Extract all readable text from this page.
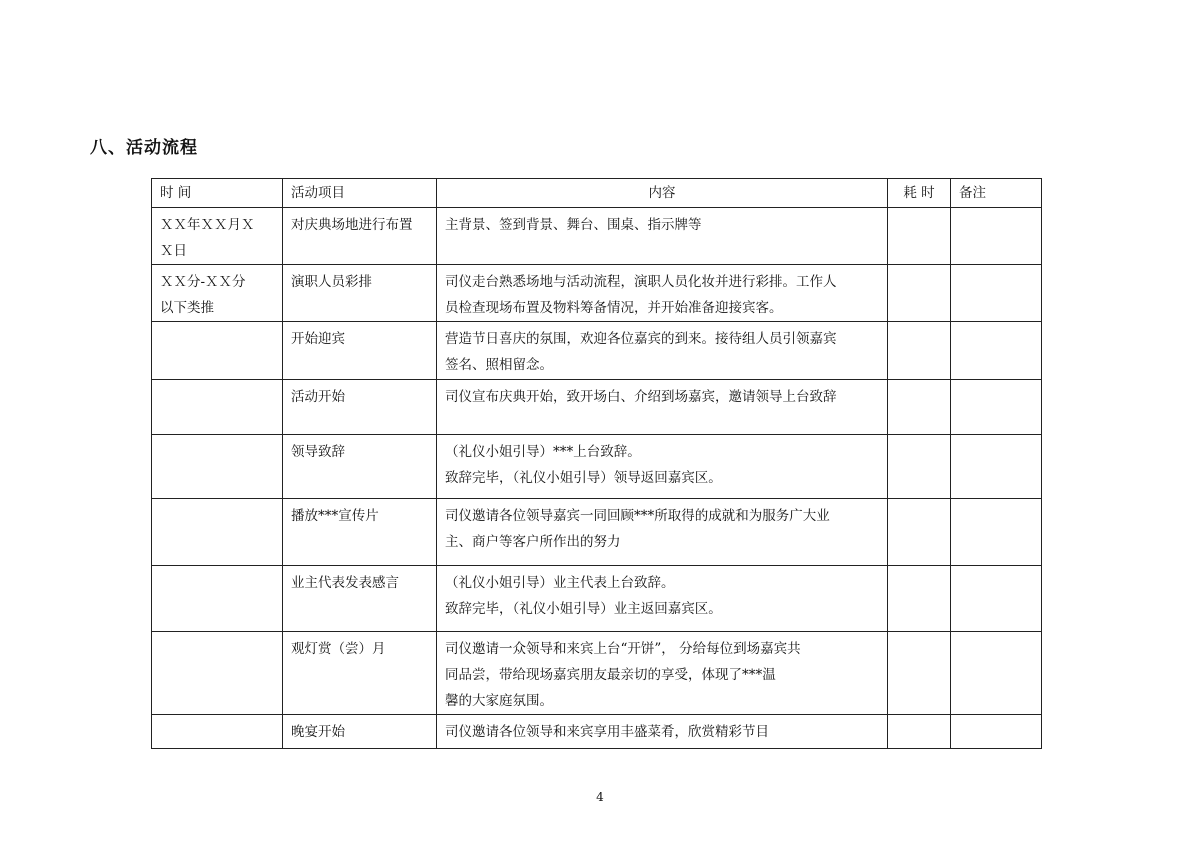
八、活动流程
时 间	活动项目	内容	耗 时	备注

ＸＸ年ＸＸ月Ｘ
Ｘ日	对庆典场地进行布置	主背景、签到背景、舞台、围桌、指示牌等		

ＸＸ分-ＸＸ分
以下类推	演职人员彩排	司仪走台熟悉场地与活动流程，演职人员化妆并进行彩排。工作人
员检查现场布置及物料筹备情况，并开始准备迎接宾客。		

	开始迎宾	营造节日喜庆的氛围，欢迎各位嘉宾的到来。接待组人员引领嘉宾
签名、照相留念。		

	活动开始	司仪宣布庆典开始，致开场白、介绍到场嘉宾，邀请领导上台致辞		

	领导致辞	（礼仪小姐引导）***上台致辞。
致辞完毕，（礼仪小姐引导）领导返回嘉宾区。		

	播放***宣传片	司仪邀请各位领导嘉宾一同回顾***所取得的成就和为服务广大业
主、商户等客户所作出的努力		

	业主代表发表感言	（礼仪小姐引导）业主代表上台致辞。
致辞完毕，（礼仪小姐引导）业主返回嘉宾区。		

	观灯赏（尝）月	司仪邀请一众领导和来宾上台“开饼”， 分给每位到场嘉宾共
同品尝，带给现场嘉宾朋友最亲切的享受，体现了***温
馨的大家庭氛围。		

	晚宴开始	司仪邀请各位领导和来宾享用丰盛菜肴，欣赏精彩节目		

4
